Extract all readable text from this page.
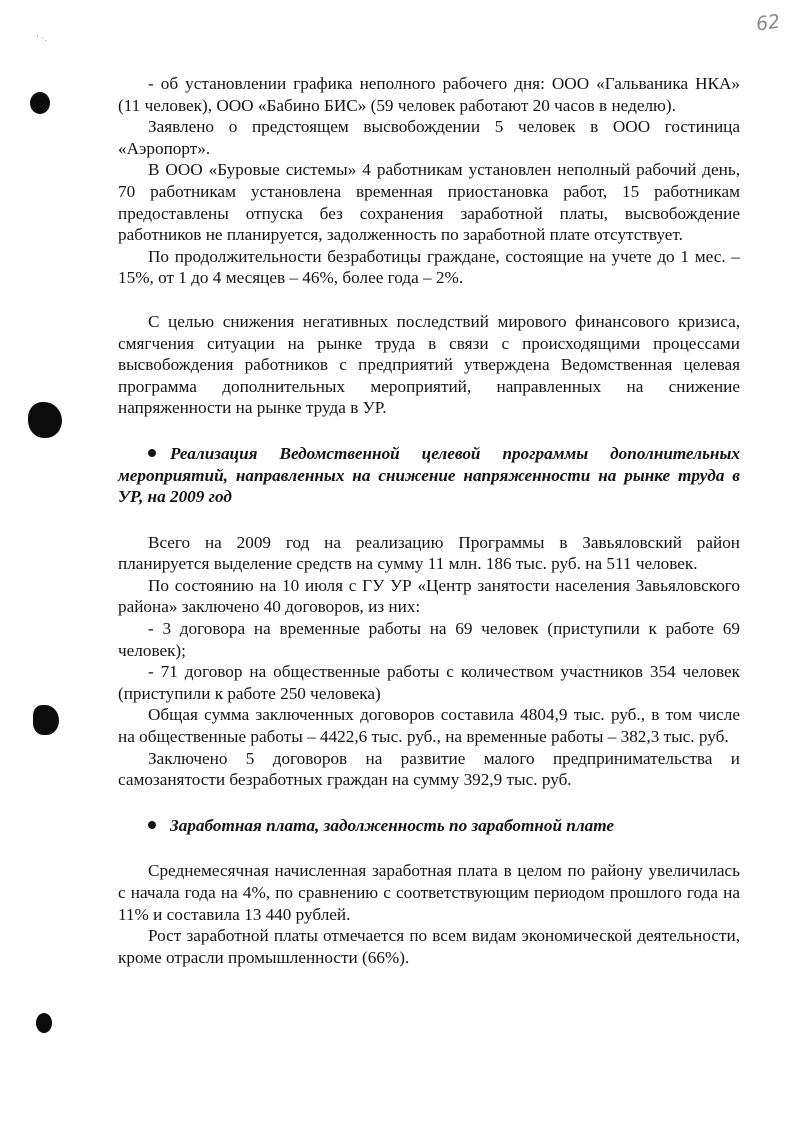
62
' ·.

- об установлении графика неполного рабочего дня: ООО «Гальваника НКА» (11 человек), ООО «Бабино БИС» (59 человек работают 20 часов в неделю).

Заявлено о предстоящем высвобождении 5 человек в ООО гостиница «Аэропорт».

В ООО «Буровые системы» 4 работникам установлен неполный рабочий день, 70 работникам установлена временная приостановка работ, 15 работникам предоставлены отпуска без сохранения заработной платы, высвобождение работников не планируется, задолженность по заработной плате отсутствует.

По продолжительности безработицы граждане, состоящие на учете до 1 мес. – 15%, от 1 до 4 месяцев – 46%, более года – 2%.

С целью снижения негативных последствий мирового финансового кризиса, смягчения ситуации на рынке труда в связи с происходящими процессами высвобождения работников с предприятий утверждена Ведомственная целевая программа дополнительных мероприятий, направленных на снижение напряженности на рынке труда в УР.

Реализация Ведомственной целевой программы дополнительных мероприятий, направленных на снижение напряженности на рынке труда в УР, на 2009 год

Всего на 2009 год на реализацию Программы в Завьяловский район планируется выделение средств на сумму 11 млн. 186 тыс. руб. на 511 человек.

По состоянию на 10 июля с ГУ УР «Центр занятости населения Завьяловского района» заключено 40 договоров, из них:

- 3 договора на временные работы на 69 человек (приступили к работе 69 человек);

- 71 договор на общественные работы с количеством участников 354 человек (приступили к работе 250 человека)

Общая сумма заключенных договоров составила 4804,9 тыс. руб., в том числе на общественные работы – 4422,6 тыс. руб., на временные работы – 382,3 тыс. руб.

Заключено 5 договоров на развитие малого предпринимательства и самозанятости безработных граждан на сумму 392,9 тыс. руб.

Заработная плата, задолженность по заработной плате

Среднемесячная начисленная заработная плата в целом по району увеличилась с начала года на 4%, по сравнению с соответствующим периодом прошлого года на 11% и составила 13 440 рублей.

Рост заработной платы отмечается по всем видам экономической деятельности, кроме отрасли промышленности (66%).
